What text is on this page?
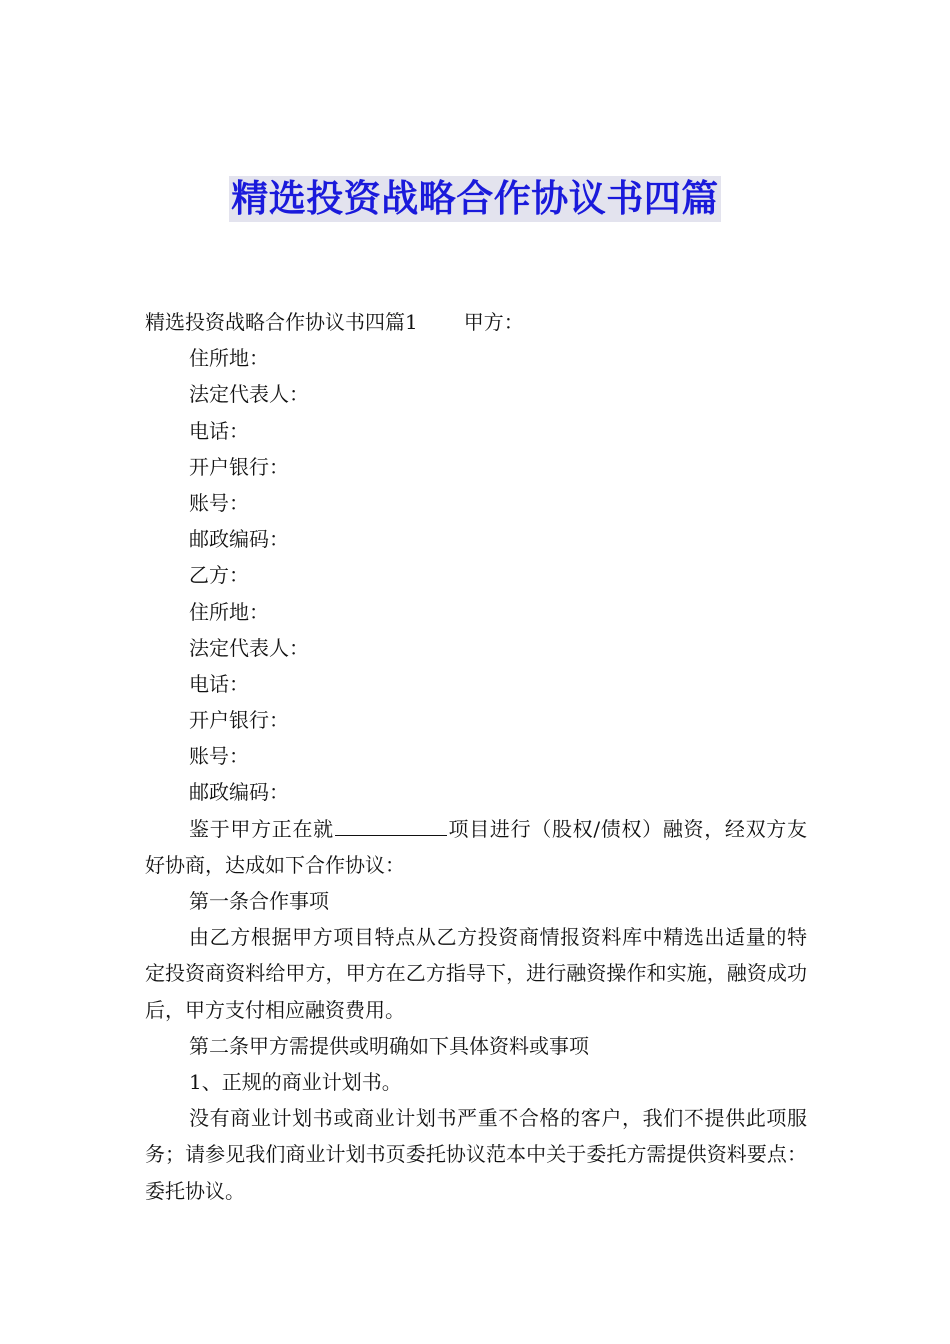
精选投资战略合作协议书四篇
精选投资战略合作协议书四篇1 甲方：
住所地：
法定代表人：
电话：
开户银行：
账号：
邮政编码：
乙方：
住所地：
法定代表人：
电话：
开户银行：
账号：
邮政编码：
鉴于甲方正在就	项目进行（股权/债权）融资，经双方友好协商，达成如下合作协议：
第一条合作事项
由乙方根据甲方项目特点从乙方投资商情报资料库中精选出适量的特定投资商资料给甲方，甲方在乙方指导下，进行融资操作和实施，融资成功后，甲方支付相应融资费用。
第二条甲方需提供或明确如下具体资料或事项
1、正规的商业计划书。
没有商业计划书或商业计划书严重不合格的客户，我们不提供此项服务；请参见我们商业计划书页委托协议范本中关于委托方需提供资料要点：委托协议。
